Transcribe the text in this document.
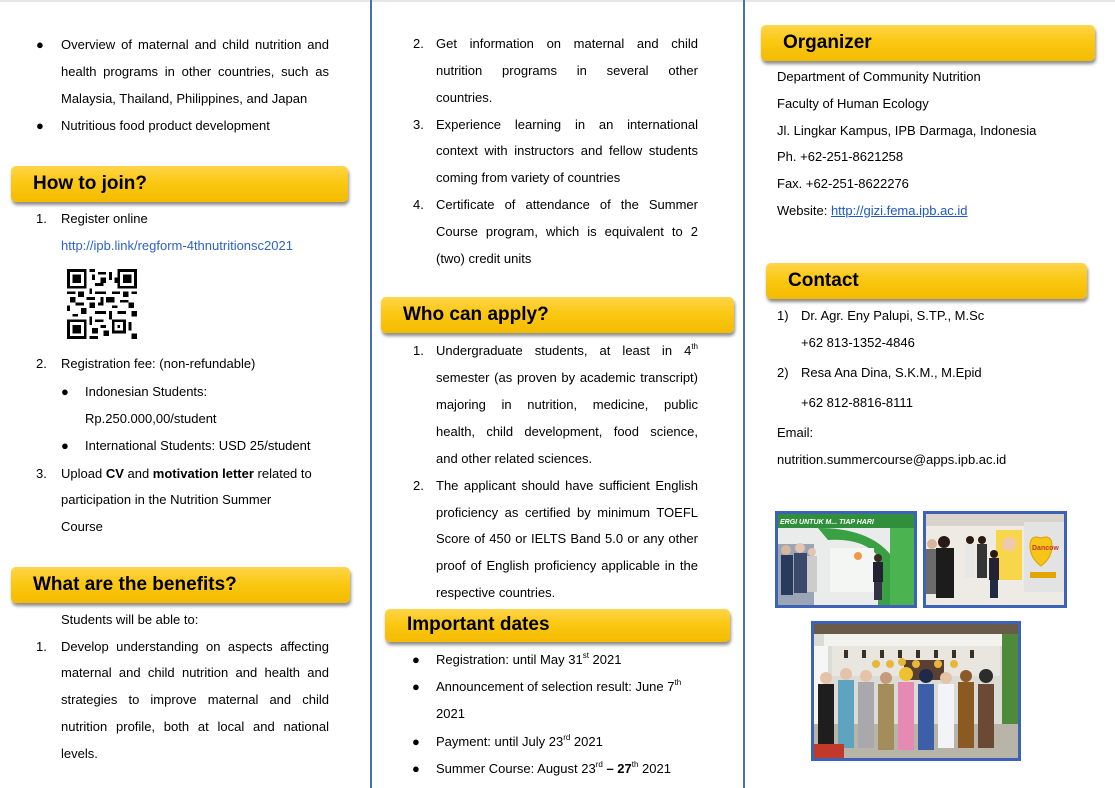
● Overview of maternal and child nutrition and
health programs in other countries, such as
Malaysia, Thailand, Philippines, and Japan
● Nutritious food product development
How to join?
1. Register online
http://ipb.link/regform-4thnutritionsc2021
2. Registration fee: (non-refundable)
● Indonesian Students:
Rp.250.000,00/student
● International Students: USD 25/student
3. Upload CV and motivation letter related to
participation in the Nutrition Summer
Course
What are the benefits?
Students will be able to:
1. Develop understanding on aspects affecting
maternal and child nutrition and health and
strategies to improve maternal and child
nutrition profile, both at local and national
levels.
2. Get information on maternal and child
nutrition programs in several other
countries.
3. Experience learning in an international
context with instructors and fellow students
coming from variety of countries
4. Certificate of attendance of the Summer
Course program, which is equivalent to 2
(two) credit units
Who can apply?
1. Undergraduate students, at least in 4th
semester (as proven by academic transcript)
majoring in nutrition, medicine, public
health, child development, food science,
and other related sciences.
2. The applicant should have sufficient English
proficiency as certified by minimum TOEFL
Score of 450 or IELTS Band 5.0 or any other
proof of English proficiency applicable in the
respective countries.
Important dates
● Registration: until May 31st 2021
● Announcement of selection result: June 7th
2021
● Payment: until July 23rd 2021
● Summer Course: August 23rd – 27th 2021
Organizer
Department of Community Nutrition
Faculty of Human Ecology
Jl. Lingkar Kampus, IPB Darmaga, Indonesia
Ph. +62-251-8621258
Fax. +62-251-8622276
Website: http://gizi.fema.ipb.ac.id
Contact
1) Dr. Agr. Eny Palupi, S.TP., M.Sc
+62 813-1352-4846
2) Resa Ana Dina, S.K.M., M.Epid
+62 812-8816-8111
Email:
nutrition.summercourse@apps.ipb.ac.id
ERGI UNTUK M... TIAP HARI
Dancow
